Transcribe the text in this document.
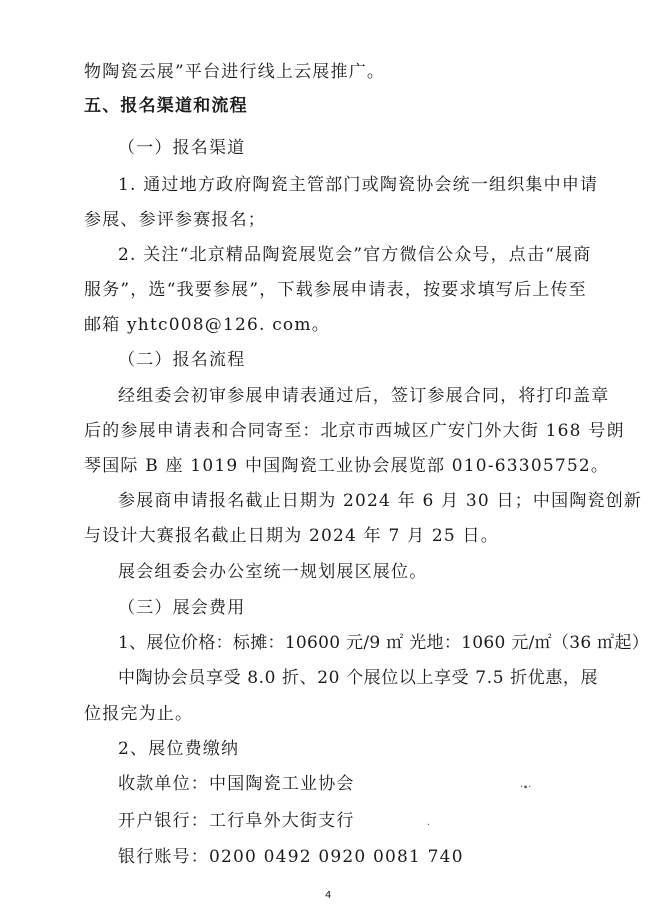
物陶瓷云展”平台进行线上云展推广。
五、报名渠道和流程
（一）报名渠道
1. 通过地方政府陶瓷主管部门或陶瓷协会统一组织集中申请
参展、参评参赛报名；
2. 关注“北京精品陶瓷展览会”官方微信公众号，点击“展商
服务”，选“我要参展”，下载参展申请表，按要求填写后上传至
邮箱 yhtc008@126. com。
（二）报名流程
经组委会初审参展申请表通过后，签订参展合同，将打印盖章
后的参展申请表和合同寄至：北京市西城区广安门外大街 168 号朗
琴国际 B 座 1019 中国陶瓷工业协会展览部 010-63305752。
参展商申请报名截止日期为 2024 年 6 月 30 日；中国陶瓷创新
与设计大赛报名截止日期为 2024 年 7 月 25 日。
展会组委会办公室统一规划展区展位。
（三）展会费用
1、展位价格：标摊：10600 元/9 ㎡ 光地：1060 元/㎡（36 ㎡起）
中陶协会员享受 8.0 折、20 个展位以上享受 7.5 折优惠，展
位报完为止。
2、展位费缴纳
收款单位：中国陶瓷工业协会
开户银行：工行阜外大街支行
银行账号：0200 0492 0920 0081 740
·∙·
·
4
